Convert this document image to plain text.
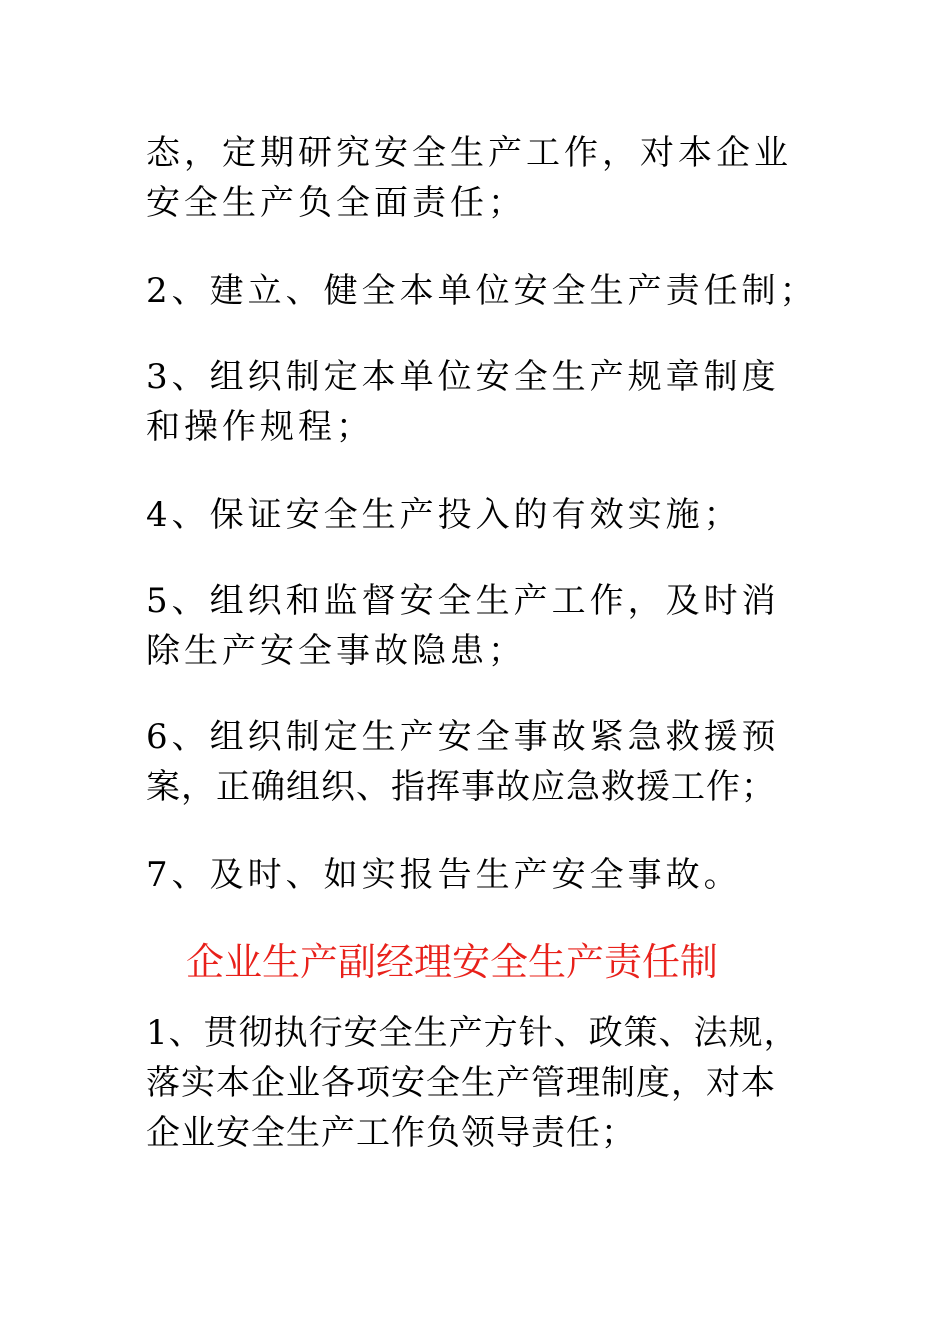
态，定期研究安全生产工作，对本企业
安全生产负全面责任；
2、建立、健全本单位安全生产责任制；
3、组织制定本单位安全生产规章制度
和操作规程；
4、保证安全生产投入的有效实施；
5、组织和监督安全生产工作，及时消
除生产安全事故隐患；
6、组织制定生产安全事故紧急救援预
案，正确组织、指挥事故应急救援工作；
7、及时、如实报告生产安全事故。
企业生产副经理安全生产责任制
1、贯彻执行安全生产方针、政策、法规，
落实本企业各项安全生产管理制度，对本
企业安全生产工作负领导责任；
